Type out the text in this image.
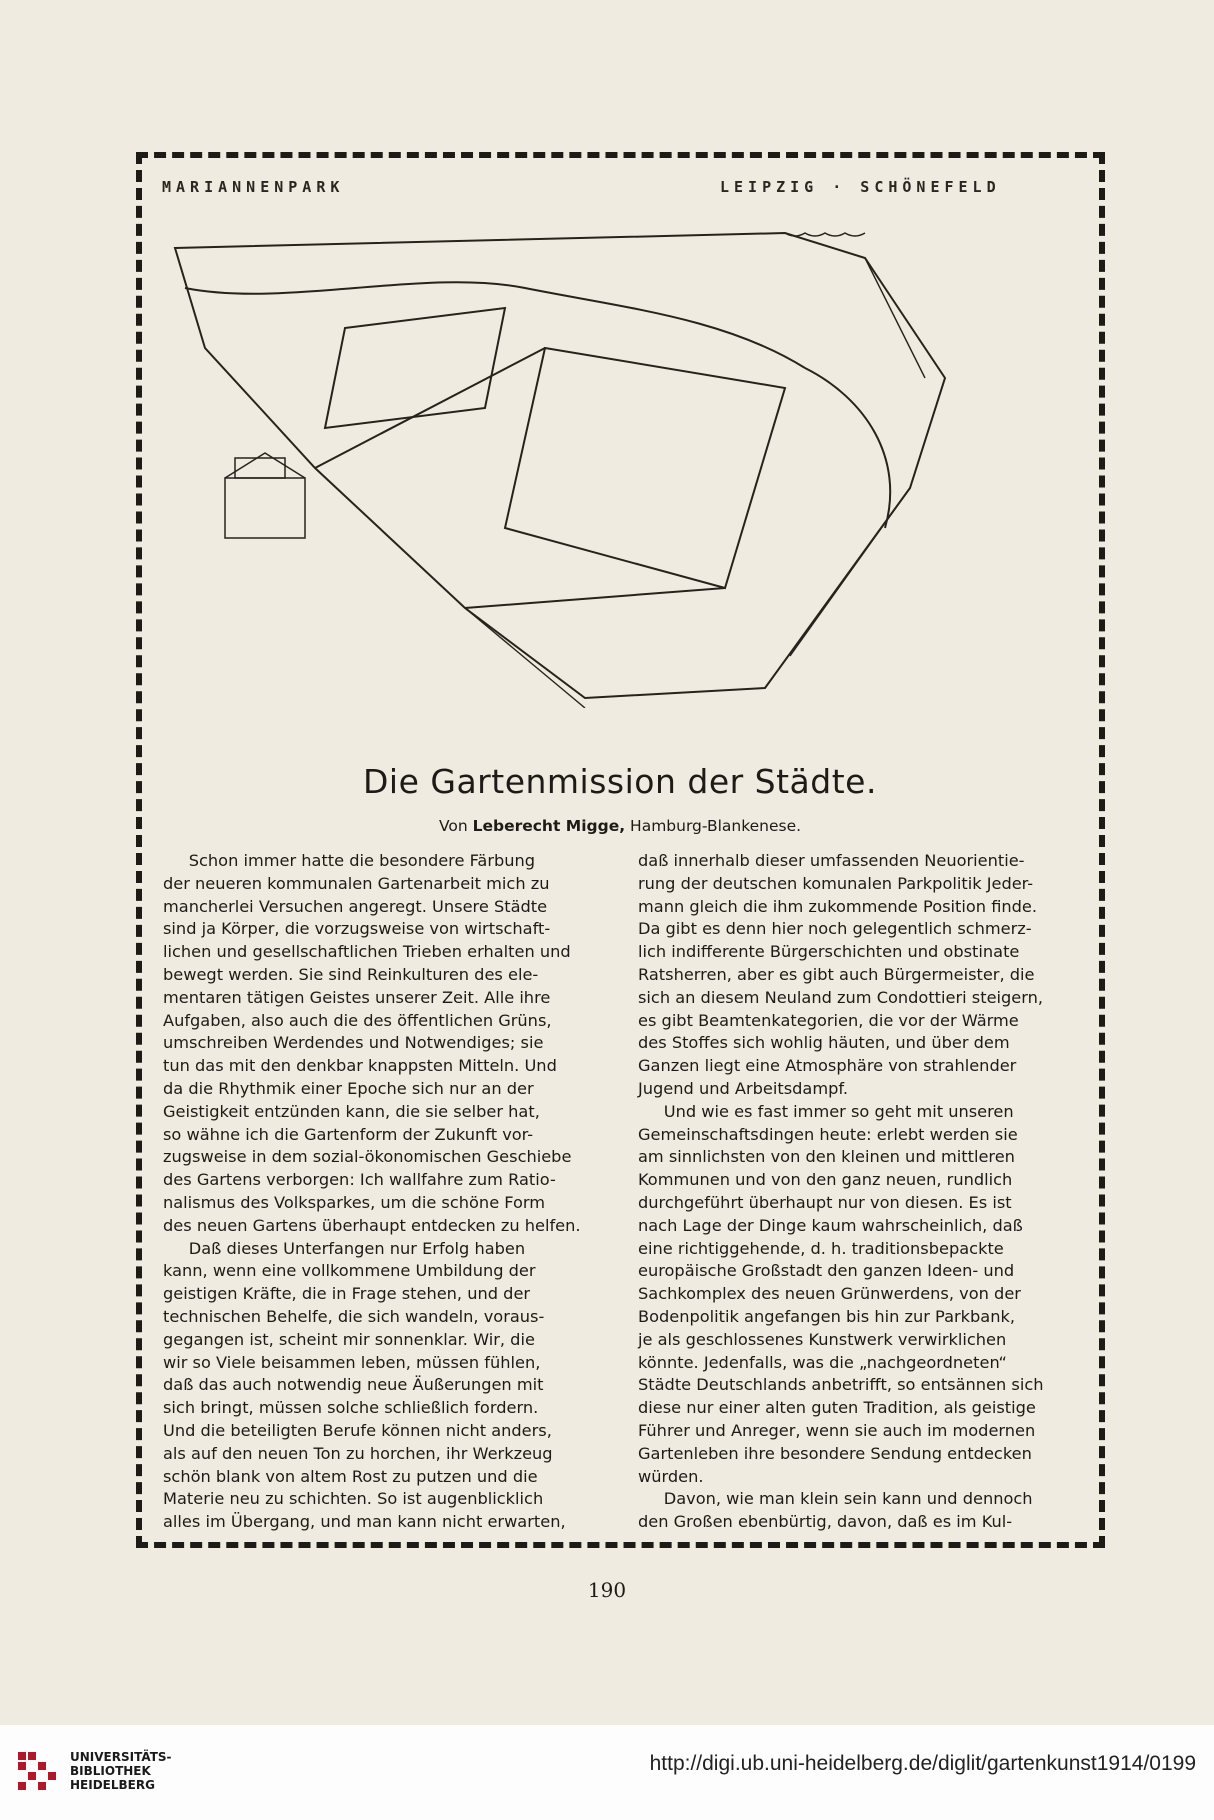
MARIANNENPARK	LEIPZIG · SCHÖNEFELD
Die Gartenmission der Städte.
Von Leberecht Migge, Hamburg-Blankenese.

Schon immer hatte die besondere Färbung

der neueren kommunalen Gartenarbeit mich zu

mancherlei Versuchen angeregt. Unsere Städte

sind ja Körper, die vorzugsweise von wirtschaft-

lichen und gesellschaftlichen Trieben erhalten und

bewegt werden. Sie sind Reinkulturen des ele-

mentaren tätigen Geistes unserer Zeit. Alle ihre

Aufgaben, also auch die des öffentlichen Grüns,

umschreiben Werdendes und Notwendiges; sie

tun das mit den denkbar knappsten Mitteln. Und

da die Rhythmik einer Epoche sich nur an der

Geistigkeit entzünden kann, die sie selber hat,

so wähne ich die Gartenform der Zukunft vor-

zugsweise in dem sozial-ökonomischen Geschiebe

des Gartens verborgen: Ich wallfahre zum Ratio-

nalismus des Volksparkes, um die schöne Form

des neuen Gartens überhaupt entdecken zu helfen.

Daß dieses Unterfangen nur Erfolg haben

kann, wenn eine vollkommene Umbildung der

geistigen Kräfte, die in Frage stehen, und der

technischen Behelfe, die sich wandeln, voraus-

gegangen ist, scheint mir sonnenklar. Wir, die

wir so Viele beisammen leben, müssen fühlen,

daß das auch notwendig neue Äußerungen mit

sich bringt, müssen solche schließlich fordern.

Und die beteiligten Berufe können nicht anders,

als auf den neuen Ton zu horchen, ihr Werkzeug

schön blank von altem Rost zu putzen und die

Materie neu zu schichten. So ist augenblicklich

alles im Übergang, und man kann nicht erwarten,

daß innerhalb dieser umfassenden Neuorientie-

rung der deutschen komunalen Parkpolitik Jeder-

mann gleich die ihm zukommende Position finde.

Da gibt es denn hier noch gelegentlich schmerz-

lich indifferente Bürgerschichten und obstinate

Ratsherren, aber es gibt auch Bürgermeister, die

sich an diesem Neuland zum Condottieri steigern,

es gibt Beamtenkategorien, die vor der Wärme

des Stoffes sich wohlig häuten, und über dem

Ganzen liegt eine Atmosphäre von strahlender

Jugend und Arbeitsdampf.

Und wie es fast immer so geht mit unseren

Gemeinschaftsdingen heute: erlebt werden sie

am sinnlichsten von den kleinen und mittleren

Kommunen und von den ganz neuen, rundlich

durchgeführt überhaupt nur von diesen. Es ist

nach Lage der Dinge kaum wahrscheinlich, daß

eine richtiggehende, d. h. traditionsbepackte

europäische Großstadt den ganzen Ideen- und

Sachkomplex des neuen Grünwerdens, von der

Bodenpolitik angefangen bis hin zur Parkbank,

je als geschlossenes Kunstwerk verwirklichen

könnte. Jedenfalls, was die „nachgeordneten“

Städte Deutschlands anbetrifft, so entsännen sich

diese nur einer alten guten Tradition, als geistige

Führer und Anreger, wenn sie auch im modernen

Gartenleben ihre besondere Sendung entdecken

würden.

Davon, wie man klein sein kann und dennoch

den Großen ebenbürtig, davon, daß es im Kul-

190
UNIVERSITÄTS-
BIBLIOTHEK
HEIDELBERG
http://digi.ub.uni-heidelberg.de/diglit/gartenkunst1914/0199
